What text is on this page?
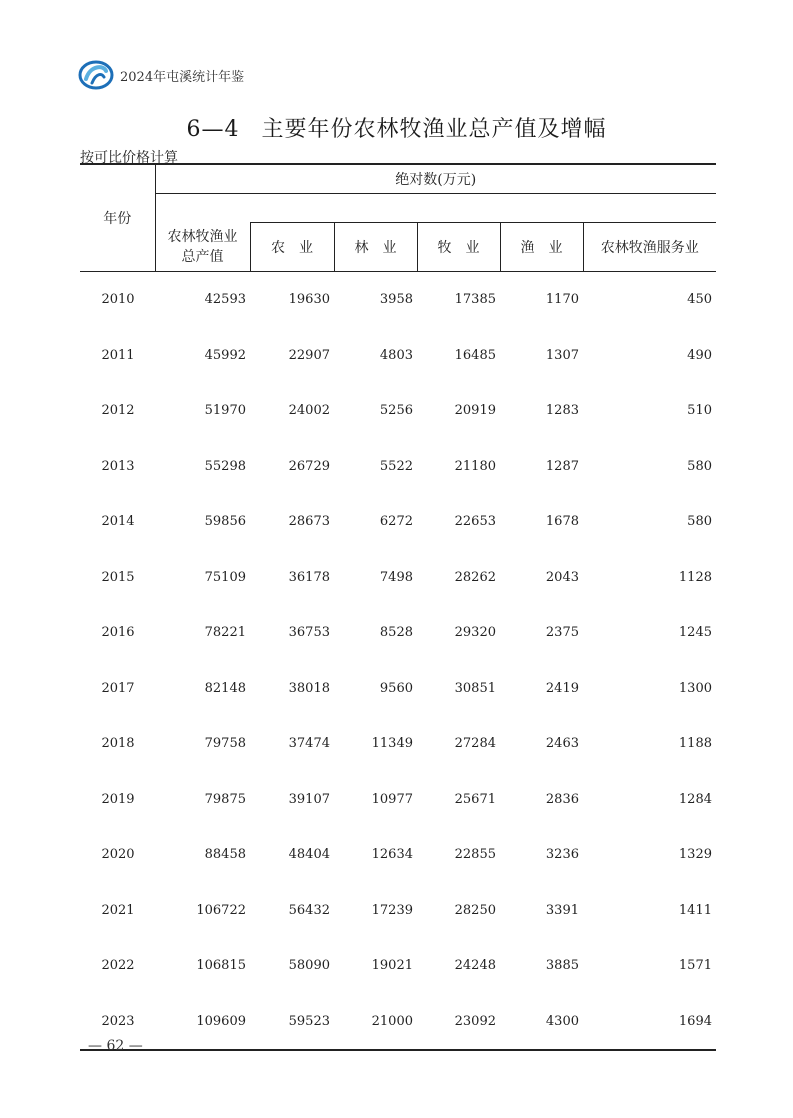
2024年屯溪统计年鉴
6—4 主要年份农林牧渔业总产值及增幅
按可比价格计算
年份	绝对数(万元)					

	农林牧渔业
总产值	农　业	林　业	牧　业	渔　业	农林牧渔服务业
2010	42593	19630	3958	17385	1170	450
2011	45992	22907	4803	16485	1307	490
2012	51970	24002	5256	20919	1283	510
2013	55298	26729	5522	21180	1287	580
2014	59856	28673	6272	22653	1678	580
2015	75109	36178	7498	28262	2043	1128
2016	78221	36753	8528	29320	2375	1245
2017	82148	38018	9560	30851	2419	1300
2018	79758	37474	11349	27284	2463	1188
2019	79875	39107	10977	25671	2836	1284
2020	88458	48404	12634	22855	3236	1329
2021	106722	56432	17239	28250	3391	1411
2022	106815	58090	19021	24248	3885	1571
2023	109609	59523	21000	23092	4300	1694
— 62 —
